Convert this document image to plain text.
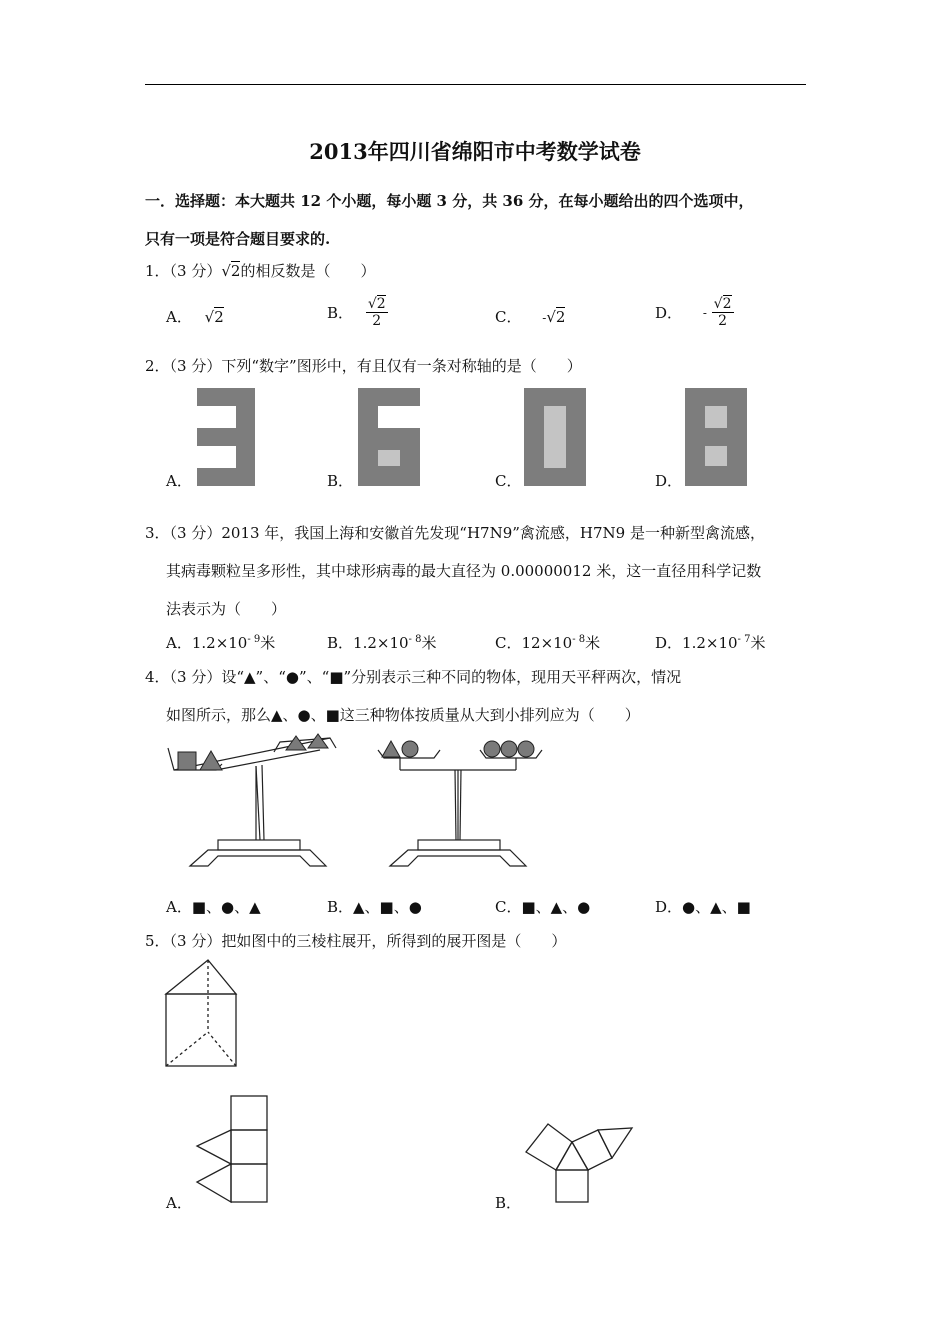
2013年四川省绵阳市中考数学试卷
一．选择题：本大题共 12 个小题，每小题 3 分，共 36 分，在每小题给出的四个选项中，
只有一项是符合题目要求的.
1．（3 分）√2的相反数是（　　）
A． √2	B． $\frac{√2}{2}$	C． -√2	D． - $\frac{√2}{2}$
2．（3 分）下列“数字”图形中，有且仅有一条对称轴的是（　　）
A．	B．	C．	D．
3．（3 分）2013 年，我国上海和安徽首先发现“H7N9”禽流感，H7N9 是一种新型禽流感，
其病毒颗粒呈多形性，其中球形病毒的最大直径为 0.00000012 米，这一直径用科学记数
法表示为（　　）
A．$1.2\times 10^{- 9}$米	B．$1.2\times 10^{- 8}$米	C．$12\times 10^{- 8}$米	D．$1.2\times 10^{- 7}$米
4．（3 分）设“▲”、“●”、“■”分别表示三种不同的物体，现用天平秤两次，情况
如图所示，那么▲、●、■这三种物体按质量从大到小排列应为（　　）
A．■、●、▲	B．▲、■、●	C．■、▲、●	D．●、▲、■
5．（3 分）把如图中的三棱柱展开，所得到的展开图是（　　）
A．	B．
